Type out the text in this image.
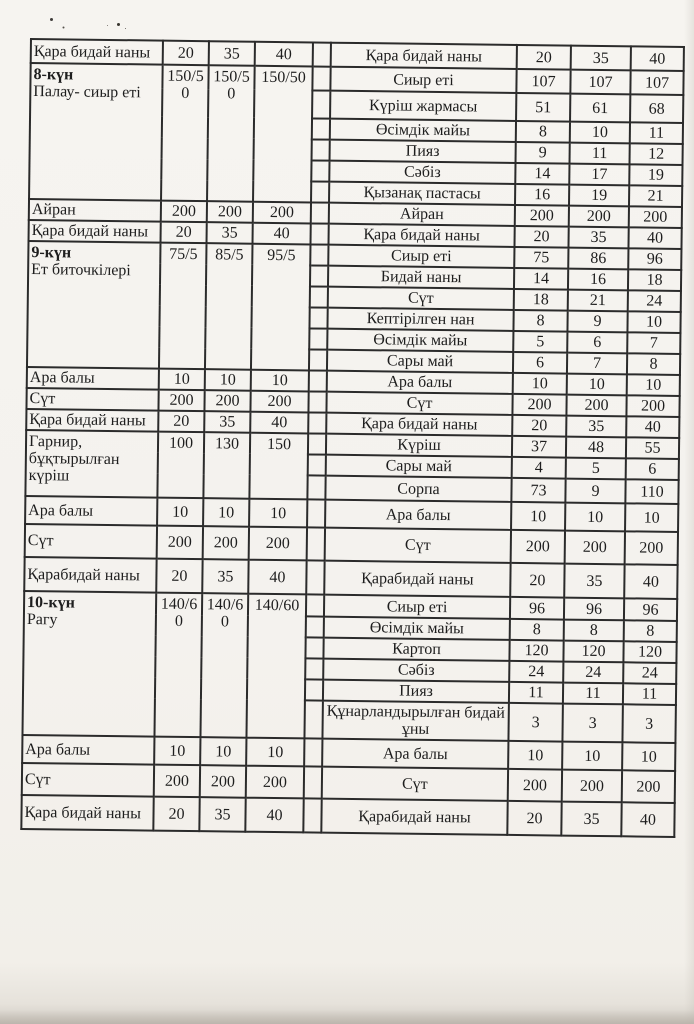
Қара бидай наны	20	35	40		Қара бидай наны	20	35	40

8-күн
Палау- сиыр еті	150/50	150/50	150/50		Сиыр еті	107	107	107
					Күріш жармасы	51	61	68
					Өсімдік майы	8	10	11
					Пияз	9	11	12
					Сәбіз	14	17	19
					Қызанақ пастасы	16	19	21

Айран	200	200	200		Айран	200	200	200

Қара бидай наны	20	35	40		Қара бидай наны	20	35	40

9-күн
Ет биточкілері	75/5	85/5	95/5		Сиыр еті	75	86	96
					Бидай наны	14	16	18
					Сүт	18	21	24
					Кептірілген нан	8	9	10
					Өсімдік майы	5	6	7
					Сары май	6	7	8

Ара балы	10	10	10		Ара балы	10	10	10

Сүт	200	200	200		Сүт	200	200	200

Қара бидай наны	20	35	40		Қара бидай наны	20	35	40

Гарнир, бұқтырылған күріш	100	130	150		Күріш	37	48	55
					Сары май	4	5	6
					Сорпа	73	9	110

Ара балы	10	10	10		Ара балы	10	10	10

Сүт	200	200	200		Сүт	200	200	200

Қарабидай наны	20	35	40		Қарабидай наны	20	35	40

10-күн
Рагу	140/60	140/60	140/60		Сиыр еті	96	96	96
					Өсімдік майы	8	8	8
					Картоп	120	120	120
					Сәбіз	24	24	24
					Пияз	11	11	11
					Құнарландырылған бидай ұны	3	3	3

Ара балы	10	10	10		Ара балы	10	10	10

Сүт	200	200	200		Сүт	200	200	200

Қара бидай наны	20	35	40		Қарабидай наны	20	35	40
